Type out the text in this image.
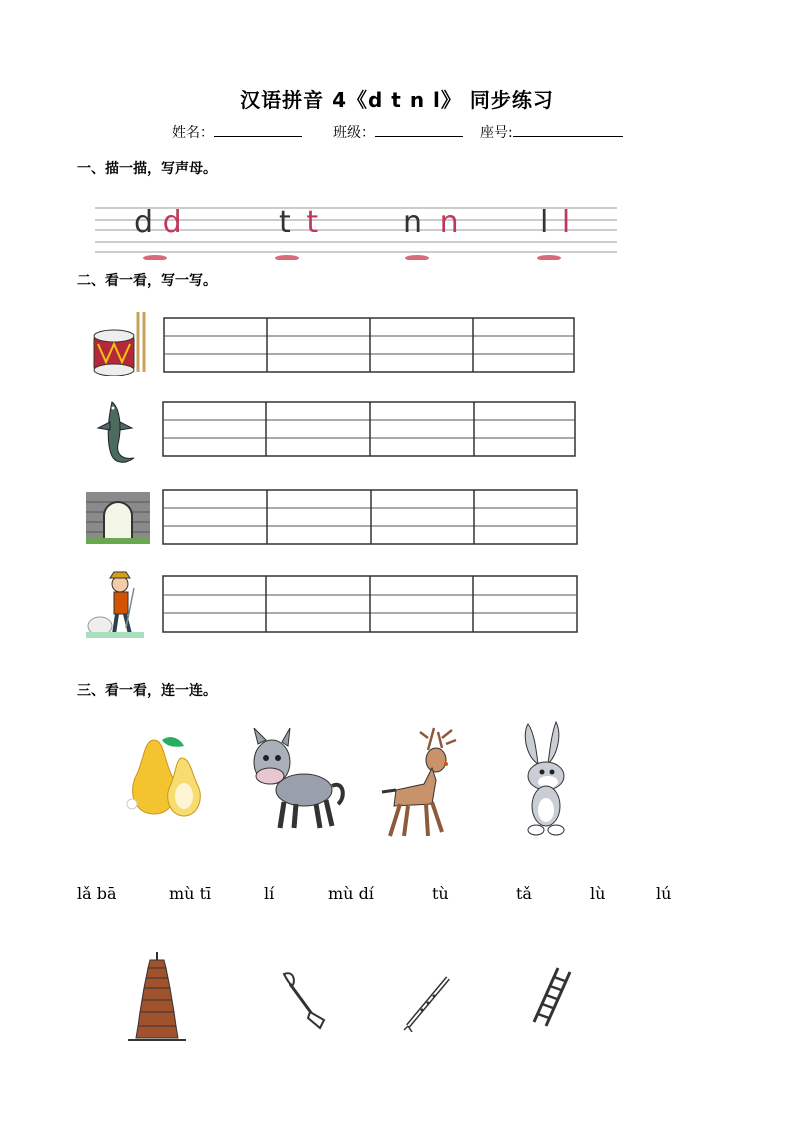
汉语拼音 4《d t n l》 同步练习
姓名：	班级：	座号:
一、描一描，写声母。
d d	t t	n n	l l
二、看一看，写一写。
三、看一看，连一连。
lǎ bā	mù tī	lí	mù dí	tù	tǎ	lù	lú
